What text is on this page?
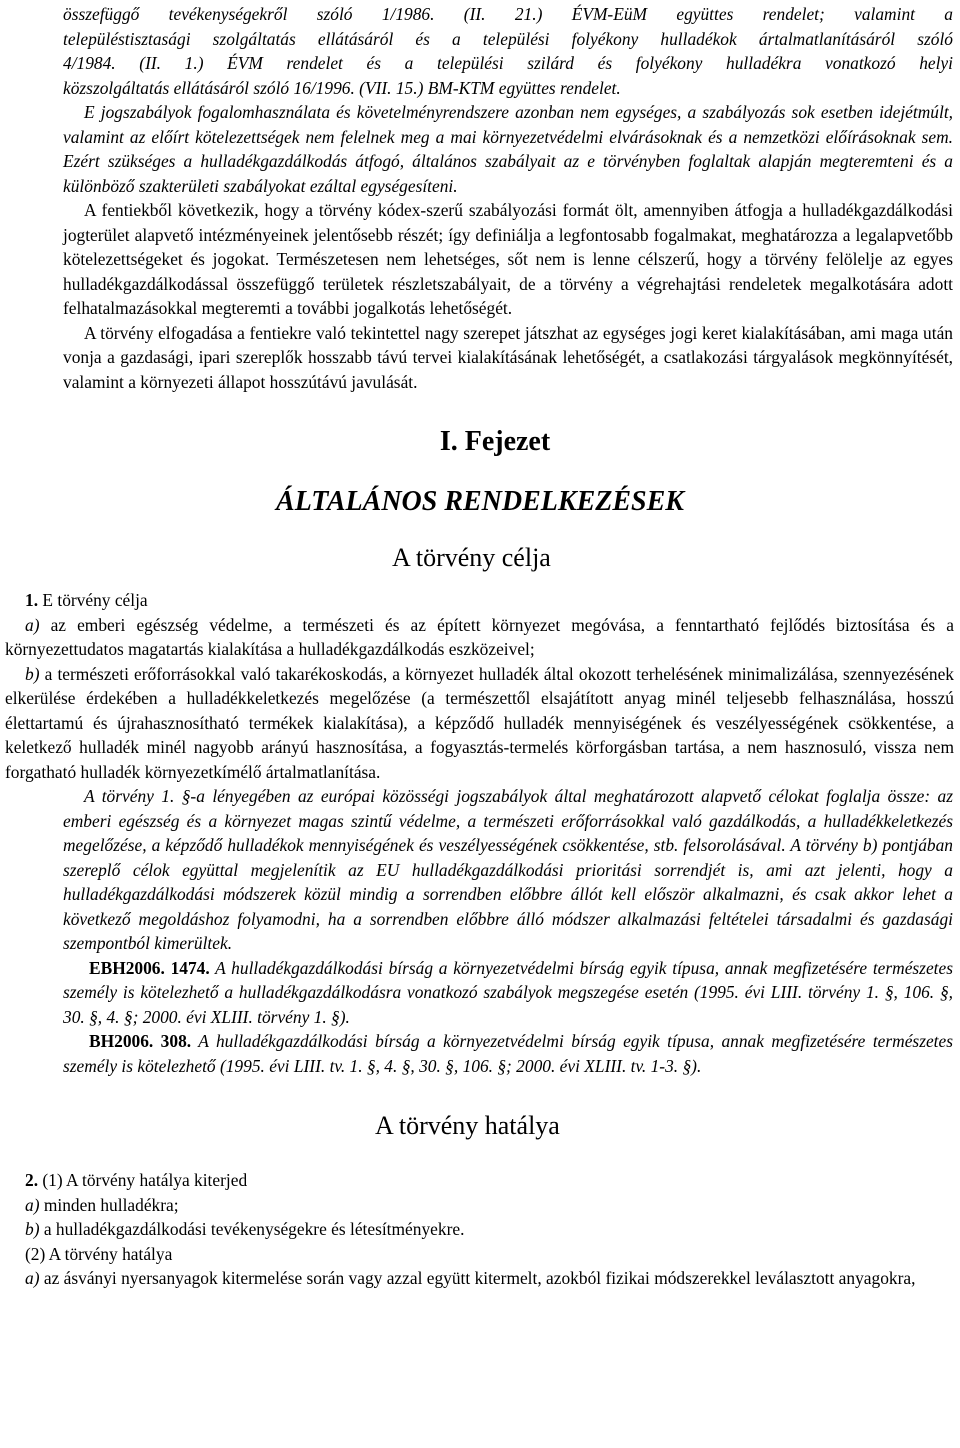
összefüggő tevékenységekről szóló 1/1986. (II. 21.) ÉVM-EüM együttes rendelet; valamint a
településtisztasági szolgáltatás ellátásáról és a települési folyékony hulladékok ártalmatlanításáról szóló
4/1984. (II. 1.) ÉVM rendelet és a települési szilárd és folyékony hulladékra vonatkozó helyi
közszolgáltatás ellátásáról szóló 16/1996. (VII. 15.) BM-KTM együttes rendelet.

E jogszabályok fogalomhasználata és követelményrendszere azonban nem egységes, a szabályozás sok esetben idejétmúlt, valamint az előírt kötelezettségek nem felelnek meg a mai környezetvédelmi elvárásoknak és a nemzetközi előírásoknak sem. Ezért szükséges a hulladékgazdálkodás átfogó, általános szabályait az e törvényben foglaltak alapján megteremteni és a különböző szakterületi szabályokat ezáltal egységesíteni.

A fentiekből következik, hogy a törvény kódex-szerű szabályozási formát ölt, amennyiben átfogja a hulladékgazdálkodási jogterület alapvető intézményeinek jelentősebb részét; így definiálja a legfontosabb fogalmakat, meghatározza a legalapvetőbb kötelezettségeket és jogokat. Természetesen nem lehetséges, sőt nem is lenne célszerű, hogy a törvény felölelje az egyes hulladékgazdálkodással összefüggő területek részletszabályait, de a törvény a végrehajtási rendeletek megalkotására adott felhatalmazásokkal megteremti a további jogalkotás lehetőségét.

A törvény elfogadása a fentiekre való tekintettel nagy szerepet játszhat az egységes jogi keret kialakításában, ami maga után vonja a gazdasági, ipari szereplők hosszabb távú tervei kialakításának lehetőségét, a csatlakozási tárgyalások megkönnyítését, valamint a környezeti állapot hosszútávú javulását.

I. Fejezet

ÁLTALÁNOS RENDELKEZÉSEK

A törvény célja

1. E törvény célja

a) az emberi egészség védelme, a természeti és az épített környezet megóvása, a fenntartható fejlődés biztosítása és a környezettudatos magatartás kialakítása a hulladékgazdálkodás eszközeivel;

b) a természeti erőforrásokkal való takarékoskodás, a környezet hulladék által okozott terhelésének minimalizálása, szennyezésének elkerülése érdekében a hulladékkeletkezés megelőzése (a természettől elsajátított anyag minél teljesebb felhasználása, hosszú élettartamú és újrahasznosítható termékek kialakítása), a képződő hulladék mennyiségének és veszélyességének csökkentése, a keletkező hulladék minél nagyobb arányú hasznosítása, a fogyasztás-termelés körforgásban tartása, a nem hasznosuló, vissza nem forgatható hulladék környezetkímélő ártalmatlanítása.

A törvény 1. §-a lényegében az európai közösségi jogszabályok által meghatározott alapvető célokat foglalja össze: az emberi egészség és a környezet magas szintű védelme, a természeti erőforrásokkal való gazdálkodás, a hulladékkeletkezés megelőzése, a képződő hulladékok mennyiségének és veszélyességének csökkentése, stb. felsorolásával. A törvény b) pontjában szereplő célok együttal megjelenítik az EU hulladékgazdálkodási prioritási sorrendjét is, ami azt jelenti, hogy a hulladékgazdálkodási módszerek közül mindig a sorrendben előbbre állót kell először alkalmazni, és csak akkor lehet a következő megoldáshoz folyamodni, ha a sorrendben előbbre álló módszer alkalmazási feltételei társadalmi és gazdasági szempontból kimerültek.

EBH2006. 1474. A hulladékgazdálkodási bírság a környezetvédelmi bírság egyik típusa, annak megfizetésére természetes személy is kötelezhető a hulladékgazdálkodásra vonatkozó szabályok megszegése esetén (1995. évi LIII. törvény 1. §, 106. §, 30. §, 4. §; 2000. évi XLIII. törvény 1. §).

BH2006. 308. A hulladékgazdálkodási bírság a környezetvédelmi bírság egyik típusa, annak megfizetésére természetes személy is kötelezhető (1995. évi LIII. tv. 1. §, 4. §, 30. §, 106. §; 2000. évi XLIII. tv. 1-3. §).

A törvény hatálya

2. (1) A törvény hatálya kiterjed
a) minden hulladékra;
b) a hulladékgazdálkodási tevékenységekre és létesítményekre.
(2) A törvény hatálya

a) az ásványi nyersanyagok kitermelése során vagy azzal együtt kitermelt, azokból fizikai módszerekkel leválasztott anyagokra,
